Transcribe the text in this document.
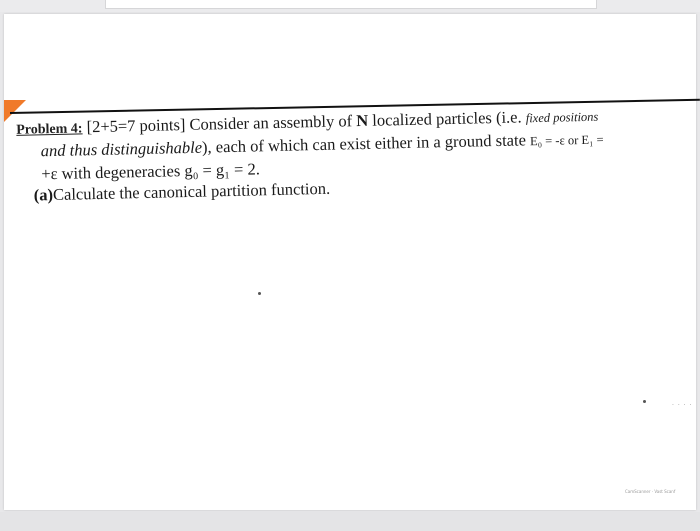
Problem 4: [2+5=7 points] Consider an assembly of N localized particles (i.e. fixed positions
and thus distinguishable), each of which can exist either in a ground state E₀ = -ε or E₁ =
+ε with degeneracies g₀ = g₁ = 2.
(a)Calculate the canonical partition function.
· · · ·
CamScanner · Vast Scanf
